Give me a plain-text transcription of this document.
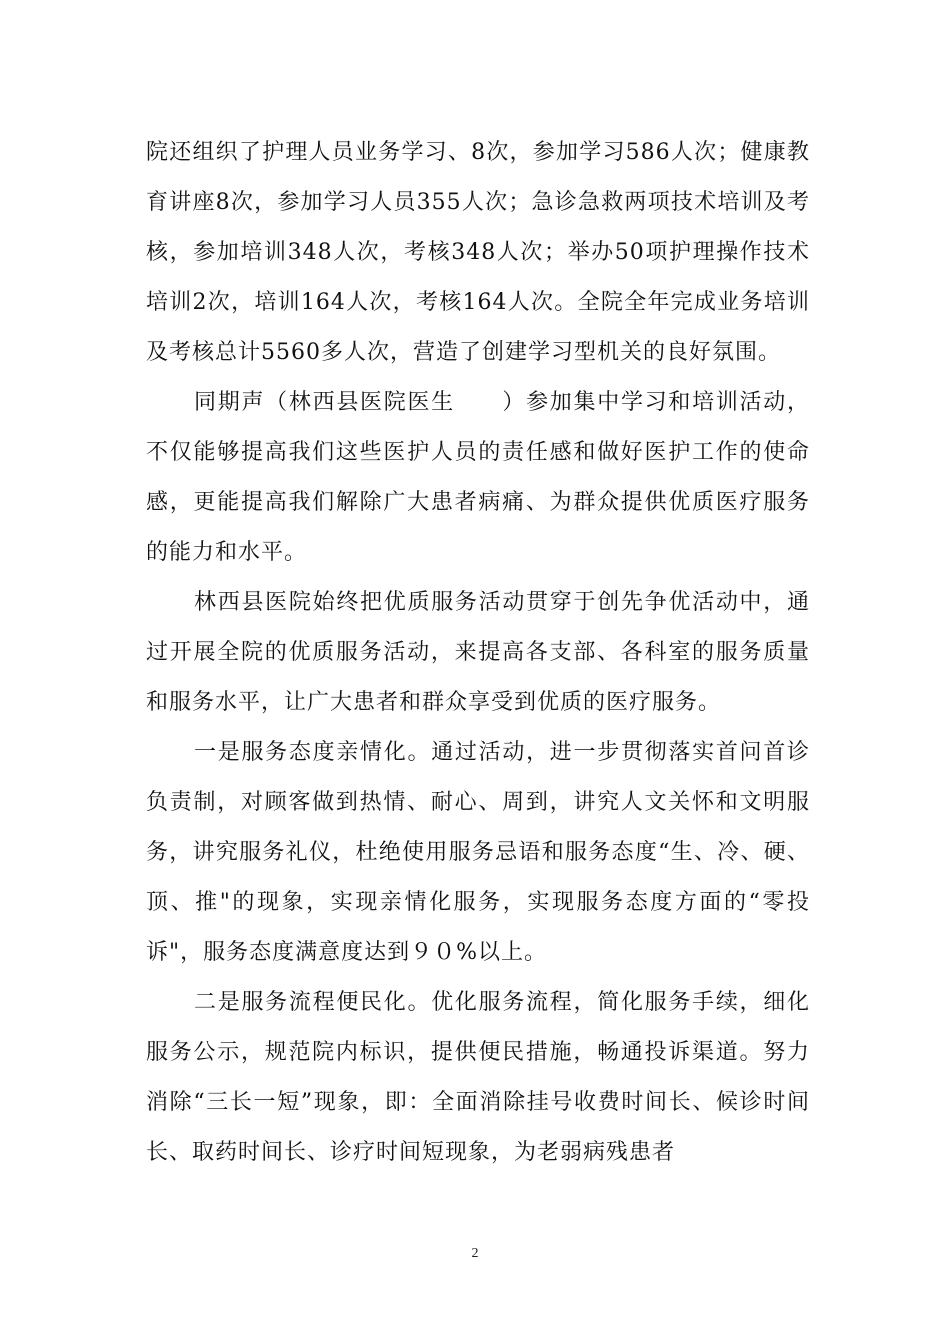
院还组织了护理人员业务学习、8次，参加学习586人次；健康教育讲座8次，参加学习人员355人次；急诊急救两项技术培训及考核，参加培训348人次，考核348人次；举办50项护理操作技术培训2次，培训164人次，考核164人次。全院全年完成业务培训及考核总计5560多人次，营造了创建学习型机关的良好氛围。

同期声（林西县医院医生　　）参加集中学习和培训活动，不仅能够提高我们这些医护人员的责任感和做好医护工作的使命感，更能提高我们解除广大患者病痛、为群众提供优质医疗服务的能力和水平。

林西县医院始终把优质服务活动贯穿于创先争优活动中，通过开展全院的优质服务活动，来提高各支部、各科室的服务质量和服务水平，让广大患者和群众享受到优质的医疗服务。

一是服务态度亲情化。通过活动，进一步贯彻落实首问首诊负责制，对顾客做到热情、耐心、周到，讲究人文关怀和文明服务，讲究服务礼仪，杜绝使用服务忌语和服务态度“生、冷、硬、顶、推"的现象，实现亲情化服务，实现服务态度方面的“零投诉"，服务态度满意度达到９０%以上。

二是服务流程便民化。优化服务流程，简化服务手续，细化服务公示，规范院内标识，提供便民措施，畅通投诉渠道。努力消除“三长一短”现象，即：全面消除挂号收费时间长、候诊时间长、取药时间长、诊疗时间短现象，为老弱病残患者

2
